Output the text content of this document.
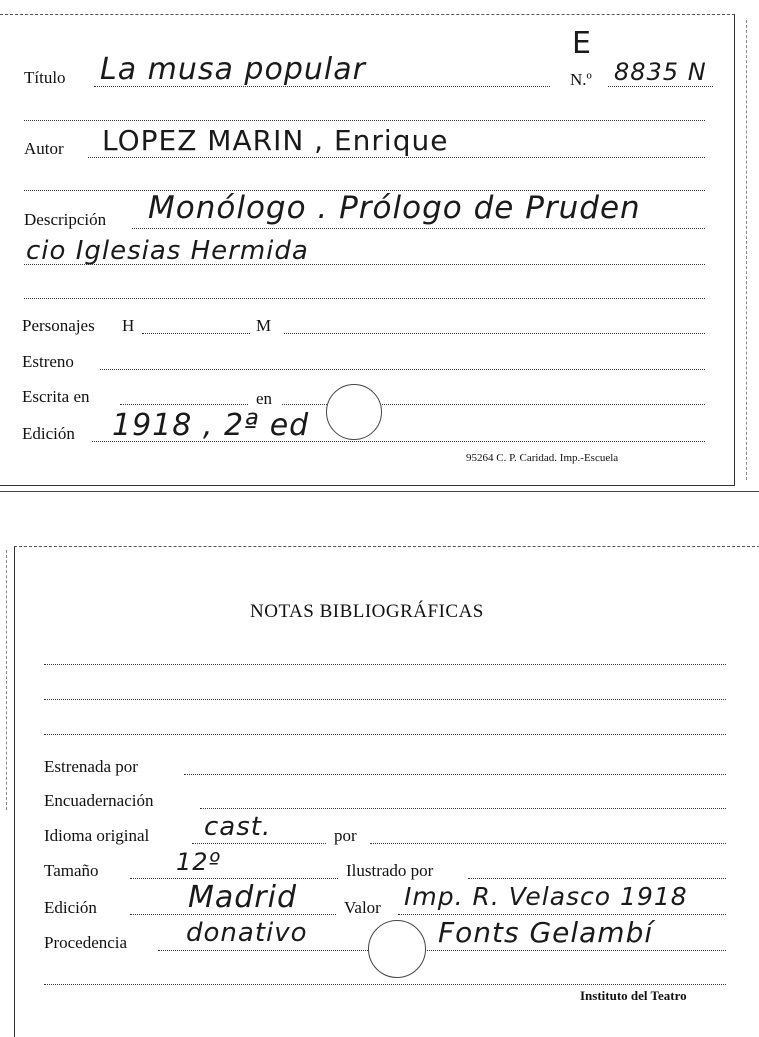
E
Título La musa popular	N.º 8835 N
Autor LOPEZ MARIN , Enrique
Descripción Monólogo . Prólogo de Pruden
cio Iglesias Hermida
Personajes H	M
Estreno
Escrita en	en
Edición 1918 , 2ª ed
95264 C. P. Caridad. Imp.-Escuela
NOTAS BIBLIOGRÁFICAS
Estrenada por
Encuadernación
Idioma original cast.	por
Tamaño	12º	Ilustrado por
Edición	Madrid	Valor Imp. R. Velasco 1918
Procedencia donativo	Fonts Gelambí
Instituto del Teatro
